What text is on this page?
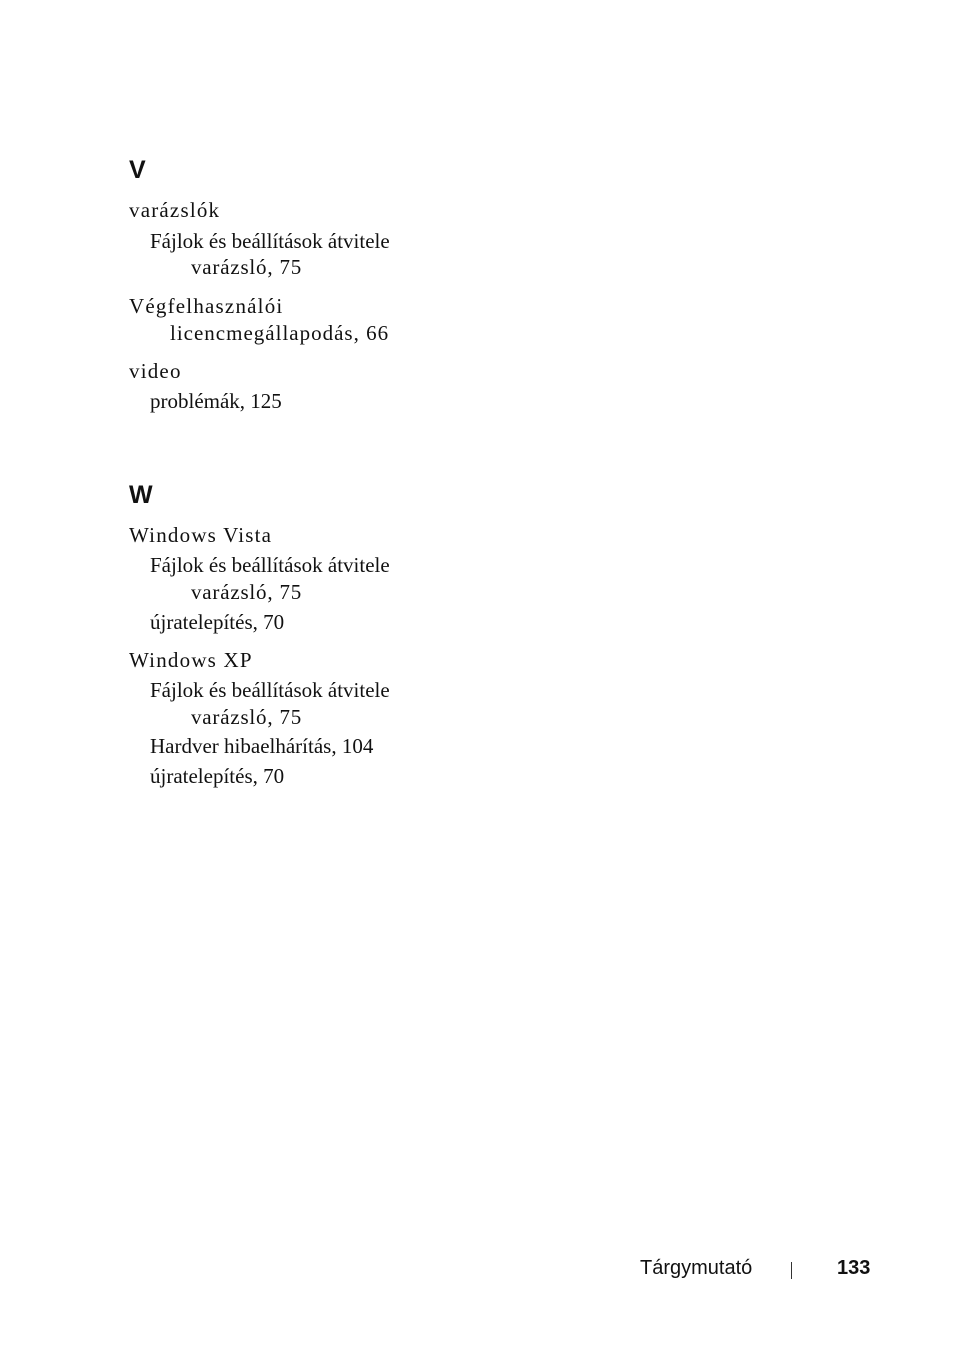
V
varázslók
Fájlok és beállítások átvitele
varázsló, 75
Végfelhasználói
licencmegállapodás, 66
video
problémák, 125
W
Windows Vista
Fájlok és beállítások átvitele
varázsló, 75
újratelepítés, 70
Windows XP
Fájlok és beállítások átvitele
varázsló, 75
Hardver hibaelhárítás, 104
újratelepítés, 70
Tárgymutató	133
